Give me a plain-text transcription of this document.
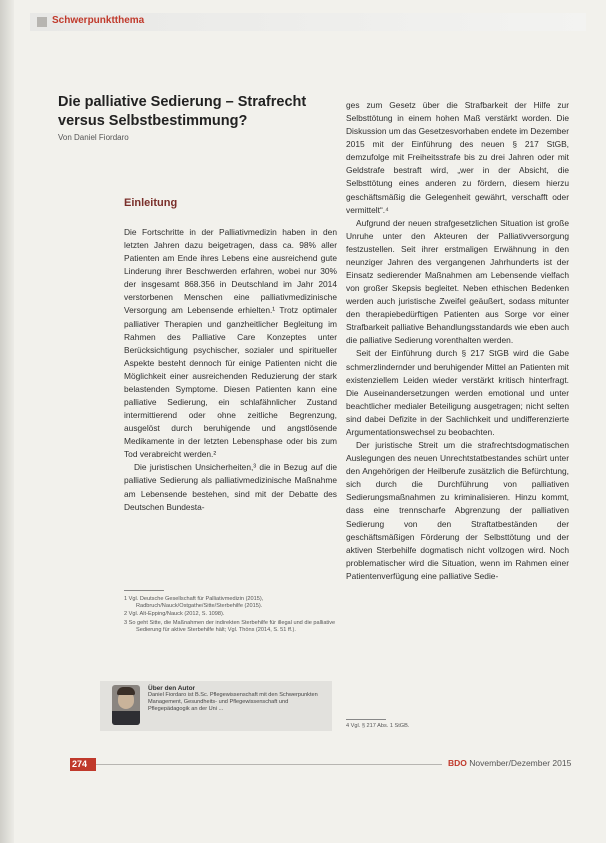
Schwerpunktthema
Die palliative Sedierung – Strafrecht versus Selbstbestimmung?
Von Daniel Fiordaro
Einleitung

Die Fortschritte in der Palliativmedizin haben in den letzten Jahren dazu beigetragen, dass ca. 98% aller Patienten am Ende ihres Lebens eine ausreichend gute Linderung ihrer Beschwerden erfahren, wobei nur 30% der insgesamt 868.356 in Deutschland im Jahr 2014 verstorbenen Menschen eine palliativmedizinische Versorgung am Lebensende erhielten.¹ Trotz optimaler palliativer Therapien und ganzheitlicher Begleitung im Rahmen des Palliative Care Konzeptes unter Berücksichtigung psychischer, sozialer und spiritueller Aspekte besteht dennoch für einige Patienten nicht die Möglichkeit einer ausreichenden Reduzierung der stark belastenden Symptome. Diesen Patienten kann eine palliative Sedierung, ein schlafähnlicher Zustand intermittierend oder ohne zeitliche Begrenzung, ausgelöst durch beruhigende und angstlösende Medikamente in der letzten Lebensphase oder bis zum Tod verabreicht werden.²

Die juristischen Unsicherheiten,³ die in Bezug auf die palliative Sedierung als palliativmedizinische Maßnahme am Lebensende bestehen, sind mit der Debatte des Deutschen Bundesta-

ges zum Gesetz über die Strafbarkeit der Hilfe zur Selbsttötung in einem hohen Maß verstärkt worden. Die Diskussion um das Gesetzesvorhaben endete im Dezember 2015 mit der Einführung des neuen § 217 StGB, demzufolge mit Freiheitsstrafe bis zu drei Jahren oder mit Geldstrafe bestraft wird, „wer in der Absicht, die Selbsttötung eines anderen zu fördern, diesem hierzu geschäftsmäßig die Gelegenheit gewährt, verschafft oder vermittelt“.⁴

Aufgrund der neuen strafgesetzlichen Situation ist große Unruhe unter den Akteuren der Palliativversorgung festzustellen. Seit ihrer erstmaligen Erwähnung in den neunziger Jahren des vergangenen Jahrhunderts ist der Einsatz sedierender Maßnahmen am Lebensende vielfach von großer Skepsis begleitet. Neben ethischen Bedenken werden auch juristische Zweifel geäußert, sodass mitunter den therapiebedürftigen Patienten aus Sorge vor einer Strafbarkeit palliative Behandlungsstandards wie eben auch die palliative Sedierung vorenthalten werden.

Seit der Einführung durch § 217 StGB wird die Gabe schmerzlindernder und beruhigender Mittel an Patienten mit existenziellem Leiden wieder verstärkt kritisch hinterfragt. Die Auseinandersetzungen werden emotional und unter beachtlicher medialer Beteiligung ausgetragen; nicht selten sind dabei Defizite in der Sachlichkeit und undifferenzierte Argumentationswechsel zu beobachten.

Der juristische Streit um die strafrechtsdogmatischen Auslegungen des neuen Unrechtstatbestandes schürt unter den Angehörigen der Heilberufe zusätzlich die Befürchtung, sich durch die Durchführung von palliativen Sedierungsmaßnahmen zu kriminalisieren. Hinzu kommt, dass eine trennscharfe Abgrenzung der palliativen Sedierung von den Straftatbeständen der geschäftsmäßigen Förderung der Selbsttötung und der aktiven Sterbehilfe dogmatisch nicht vollzogen wird. Noch problematischer wird die Situation, wenn im Rahmen einer Patientenverfügung eine palliative Sedie-

1 Vgl. Deutsche Gesellschaft für Palliativmedizin (2015), Radbruch/Nauck/Ostgathe/Sitte/Sterbehilfe (2015).
2 Vgl. Alt-Epping/Nauck (2012, S. 1098).
3 So geht Sitte, die Maßnahmen der indirekten Sterbehilfe für illegal und die palliative Sedierung für aktive Sterbehilfe hält; Vgl. Thöns (2014, S. 51 ff.).
Über den Autor
Daniel Fiordaro ist B.Sc. Pflegewissenschaft mit den Schwerpunkten Management, Gesundheits- und Pflegewissenschaft und Pflegepädagogik an der Uni ...
4 Vgl. § 217 Abs. 1 StGB.
274	BDO November/Dezember 2015
